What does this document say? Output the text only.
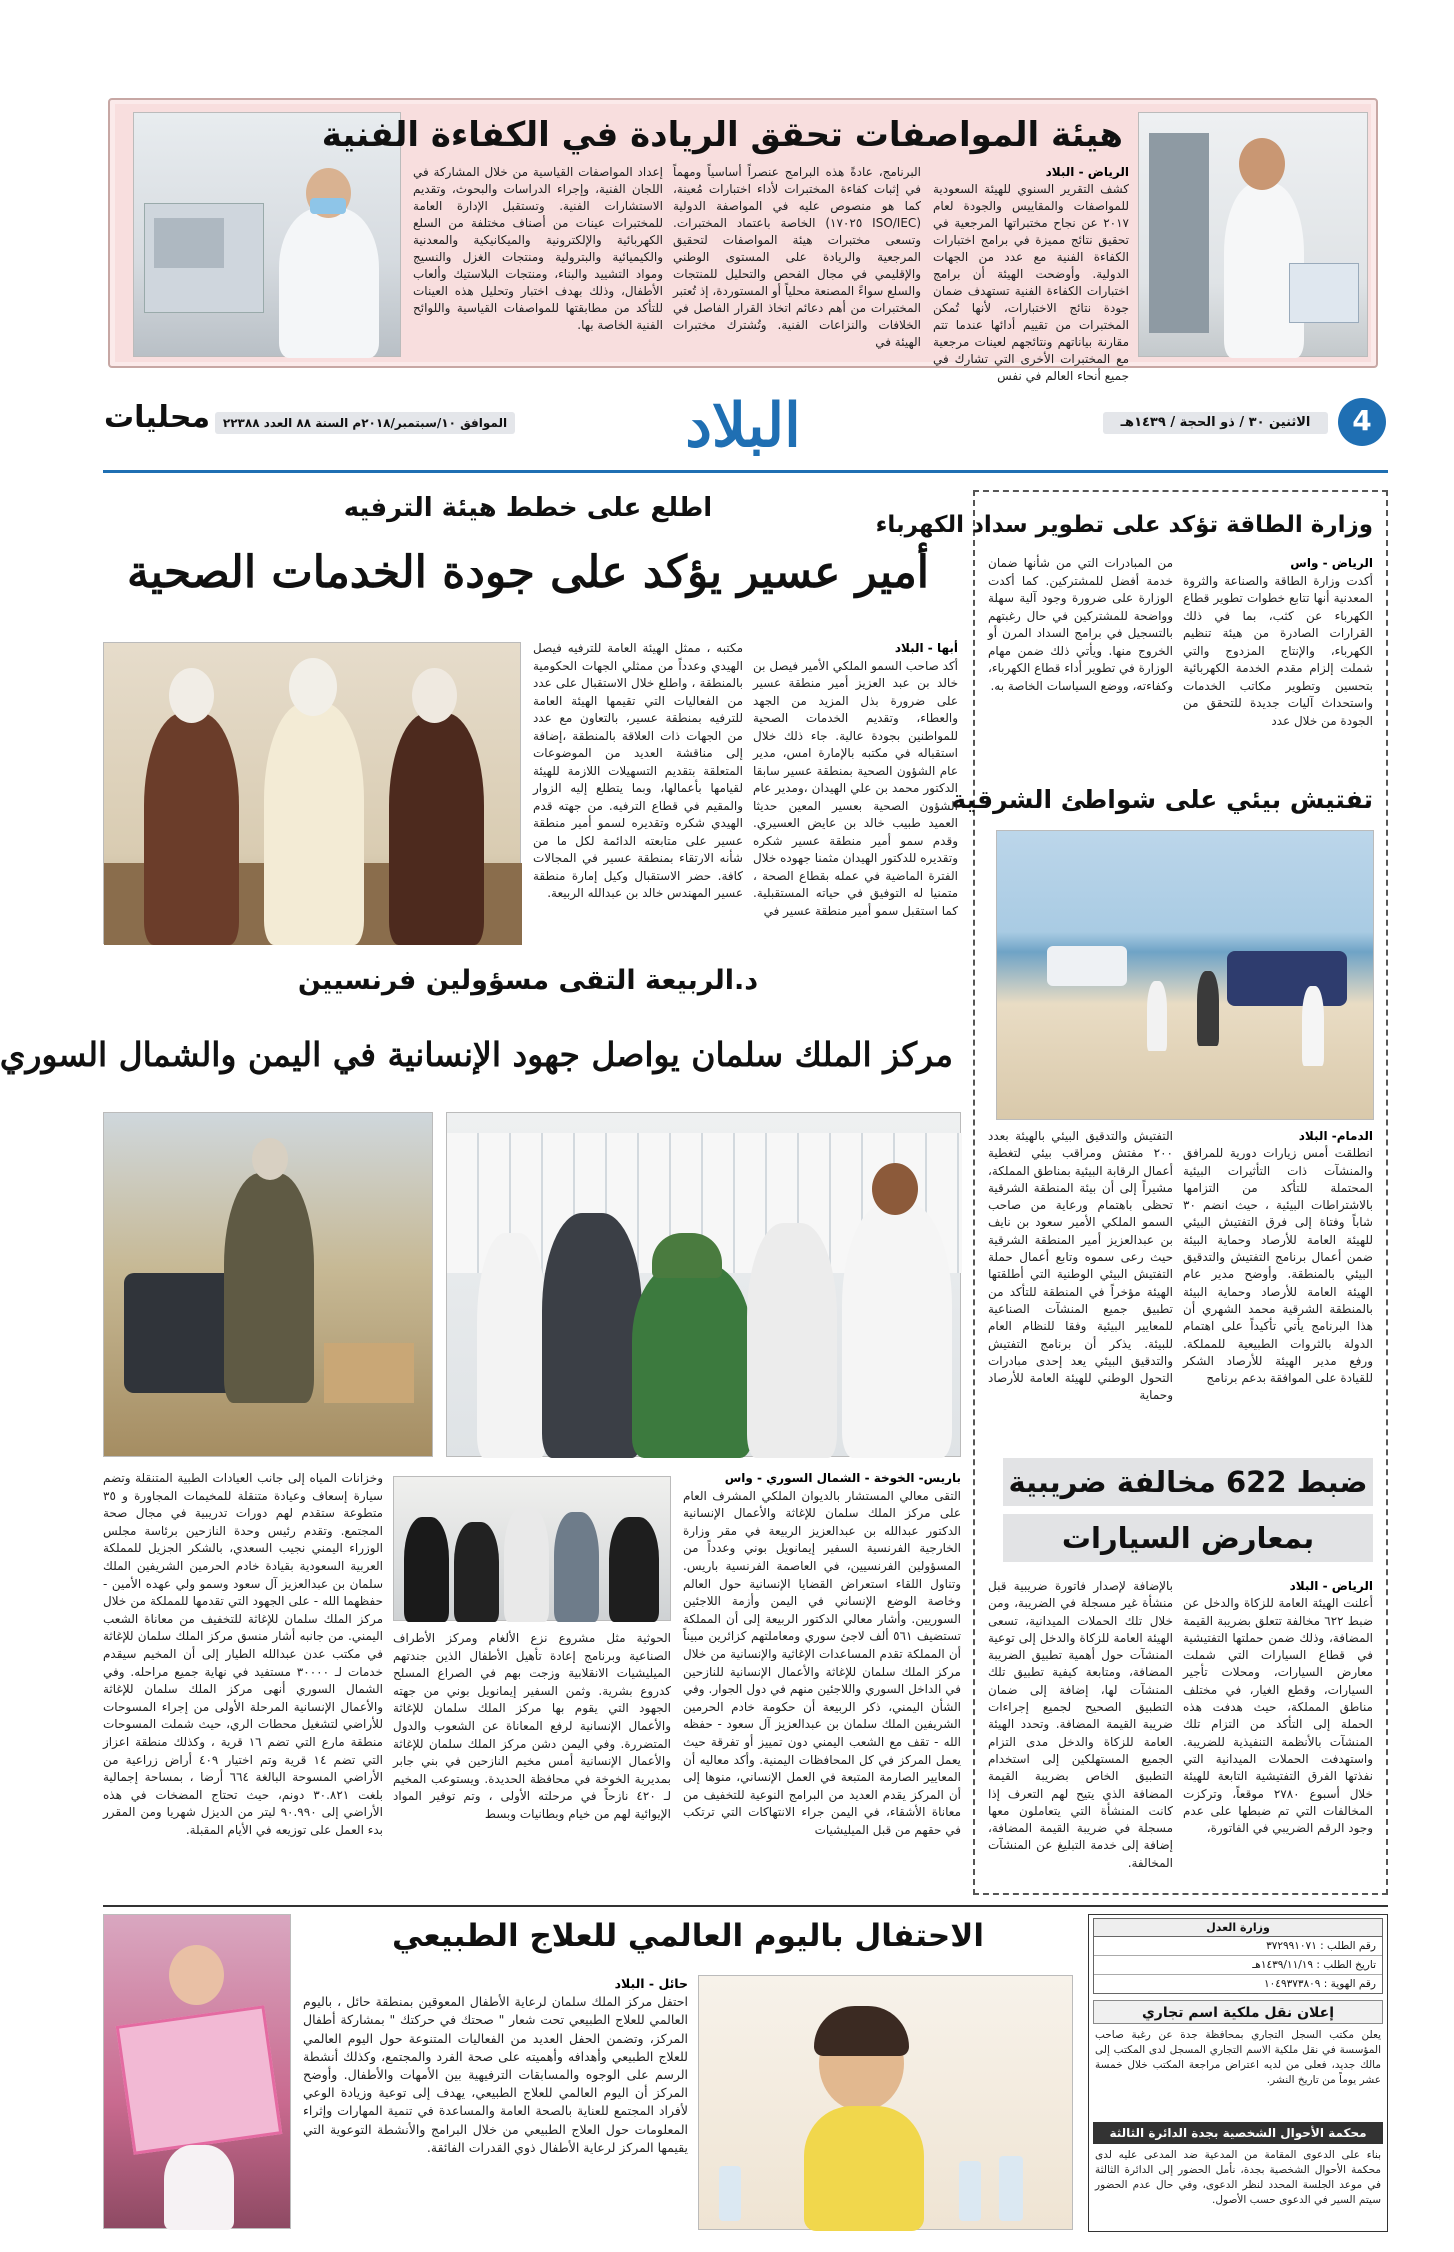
هيئة المواصفات تحقق الريادة في الكفاءة الفنية
الرياض - البلاد
كشف التقرير السنوي للهيئة السعودية للمواصفات والمقاييس والجودة لعام ٢٠١٧ عن نجاح مختبراتها المرجعية في تحقيق نتائج مميزة في برامج اختبارات الكفاءة الفنية مع عدد من الجهات الدولية. وأوضحت الهيئة أن برامج اختبارات الكفاءة الفنية تستهدف ضمان جودة نتائج الاختبارات، لأنها تُمكن المختبرات من تقييم أدائها عندما تتم مقارنة بياناتهم ونتائجهم لعينات مرجعية مع المختبرات الأخرى التي تشارك في جميع أنحاء العالم في نفس
البرنامج، عادةً هذه البرامج عنصراً أساسياً ومهماً في إثبات كفاءة المختبرات لأداء اختبارات مُعينة، كما هو منصوص عليه في المواصفة الدولية (ISO/IEC ١٧٠٢٥) الخاصة باعتماد المختبرات. وتسعى مختبرات هيئة المواصفات لتحقيق المرجعية والريادة على المستوى الوطني والإقليمي في مجال الفحص والتحليل للمنتجات والسلع سواءً المصنعة محلياً أو المستوردة، إذ تُعتبر المختبرات من أهم دعائم اتخاذ القرار الفاصل في الخلافات والنزاعات الفنية. وتُشترك مختبرات الهيئة في
إعداد المواصفات القياسية من خلال المشاركة في اللجان الفنية، وإجراء الدراسات والبحوث، وتقديم الاستشارات الفنية. وتستقبل الإدارة العامة للمختبرات عينات من أصناف مختلفة من السلع الكهربائية والإلكترونية والميكانيكية والمعدنية والكيميائية والبترولية ومنتجات الغزل والنسيج ومواد التشييد والبناء، ومنتجات البلاستيك وألعاب الأطفال، وذلك بهدف اختبار وتحليل هذه العينات للتأكد من مطابقتها للمواصفات القياسية واللوائح الفنية الخاصة بها.
4
الاثنين ٣٠ / ذو الحجة / ١٤٣٩هـ
البلاد
الموافق ١٠/سبتمبر/٢٠١٨م السنة ٨٨ العدد ٢٢٣٨٨
محليات
وزارة الطاقة تؤكد على تطوير سداد الكهرباء
الرياض - واس
أكدت وزارة الطاقة والصناعة والثروة المعدنية أنها تتابع خطوات تطوير قطاع الكهرباء عن كثب، بما في ذلك القرارات الصادرة من هيئة تنظيم الكهرباء، والإنتاج المزدوج والتي شملت إلزام مقدم الخدمة الكهربائية بتحسين وتطوير مكاتب الخدمات واستحداث آليات جديدة للتحقق من الجودة من خلال عدد
من المبادرات التي من شأنها ضمان خدمة أفضل للمشتركين. كما أكدت الوزارة على ضرورة وجود آلية سهلة وواضحة للمشتركين في حال رغبتهم بالتسجيل في برامج السداد المرن أو الخروج منها. ويأتي ذلك ضمن مهام الوزارة في تطوير أداء قطاع الكهرباء، وكفاءته، ووضع السياسات الخاصة به.
تفتيش بيئي على شواطئ الشرقية
الدمام- البلاد
انطلقت أمس زيارات دورية للمرافق والمنشآت ذات التأثيرات البيئية المحتملة للتأكد من التزامها بالاشتراطات البيئية ، حيث انضم ٣٠ شاباً وفتاة إلى فرق التفتيش البيئي للهيئة العامة للأرصاد وحماية البيئة ضمن أعمال برنامج التفتيش والتدقيق البيئي بالمنطقة. وأوضح مدير عام الهيئة العامة للأرصاد وحماية البيئة بالمنطقة الشرقية محمد الشهري أن هذا البرنامج يأتي تأكيداً على اهتمام الدولة بالثروات الطبيعية للمملكة. ورفع مدير الهيئة للأرصاد الشكر للقيادة على الموافقة بدعم برنامج
التفتيش والتدقيق البيئي بالهيئة بعدد ٢٠٠ مفتش ومراقب بيئي لتغطية أعمال الرقابة البيئية بمناطق المملكة، مشيراً إلى أن بيئة المنطقة الشرقية تحظى باهتمام ورعاية من صاحب السمو الملكي الأمير سعود بن نايف بن عبدالعزيز أمير المنطقة الشرقية حيث رعى سموه وتابع أعمال حملة التفتيش البيئي الوطنية التي أطلقتها الهيئة مؤخراً في المنطقة للتأكد من تطبيق جميع المنشآت الصناعية للمعايير البيئية وفقا للنظام العام للبيئة. يذكر أن برنامج التفتيش والتدقيق البيئي يعد إحدى مبادرات التحول الوطني للهيئة العامة للأرصاد وحماية
ضبط 622 مخالفة ضريبية
بمعارض السيارات
الرياض - البلاد
أعلنت الهيئة العامة للزكاة والدخل عن ضبط ٦٢٢ مخالفة تتعلق بضريبة القيمة المضافة، وذلك ضمن حملتها التفتيشية في قطاع السيارات التي شملت معارض السيارات، ومحلات تأجير السيارات، وقطع الغيار، في مختلف مناطق المملكة، حيث هدفت هذه الحملة إلى التأكد من التزام تلك المنشآت بالأنظمة التنفيذية للضريبة. واستهدفت الحملات الميدانية التي نفذتها الفرق التفتيشية التابعة للهيئة خلال أسبوع ٢٧٨٠ موقعاً، وتركزت المخالفات التي تم ضبطها على عدم وجود الرقم الضريبي في الفاتورة،
بالإضافة لإصدار فاتورة ضريبية قبل منشأة غير مسجلة في الضريبة، ومن خلال تلك الحملات الميدانية، تسعى الهيئة العامة للزكاة والدخل إلى توعية المنشآت حول أهمية تطبيق الضريبة المضافة، ومتابعة كيفية تطبيق تلك المنشآت لها، إضافة إلى ضمان التطبيق الصحيح لجميع إجراءات ضريبة القيمة المضافة. وتحدد الهيئة العامة للزكاة والدخل مدى التزام الجميع المستهلكين إلى استخدام التطبيق الخاص بضريبة القيمة المضافة الذي يتيح لهم التعرف إذا كانت المنشأة التي يتعاملون معها مسجلة في ضريبة القيمة المضافة، إضافة إلى خدمة التبليغ عن المنشآت المخالفة.
اطلع على خطط هيئة الترفيه
أمير عسير يؤكد على جودة الخدمات الصحية
أبها - البلاد
أكد صاحب السمو الملكي الأمير فيصل بن خالد بن عبد العزيز أمير منطقة عسير على ضرورة بذل المزيد من الجهد والعطاء، وتقديم الخدمات الصحية للمواطنين بجودة عالية. جاء ذلك خلال استقباله في مكتبه بالإمارة امس، مدير عام الشؤون الصحية بمنطقة عسير سابقا الدكتور محمد بن علي الهيدان ،ومدير عام الشؤون الصحية بعسير المعين حديثا العميد طبيب خالد بن عايض العسيري. وقدم سمو أمير منطقة عسير شكره وتقديره للدكتور الهيدان مثمنا جهوده خلال الفترة الماضية في عمله بقطاع الصحة ، متمنيا له التوفيق في حياته المستقبلية. كما استقبل سمو أمير منطقة عسير في
مكتبه ، ممثل الهيئة العامة للترفيه فيصل الهيدي وعدداً من ممثلي الجهات الحكومية بالمنطقة ، واطلع خلال الاستقبال على عدد من الفعاليات التي تقيمها الهيئة العامة للترفيه بمنطقة عسير، بالتعاون مع عدد من الجهات ذات العلاقة بالمنطقة ،إضافة إلى مناقشة العديد من الموضوعات المتعلقة بتقديم التسهيلات اللازمة للهيئة لقيامها بأعمالها، وبما يتطلع إليه الزوار والمقيم في قطاع الترفيه. من جهته قدم الهيدي شكره وتقديره لسمو أمير منطقة عسير على متابعته الدائمة لكل ما من شأنه الارتقاء بمنطقة عسير في المجالات كافة. حضر الاستقبال وكيل إمارة منطقة عسير المهندس خالد بن عبدالله الربيعة.
د.الربيعة التقى مسؤولين فرنسيين
مركز الملك سلمان يواصل جهود الإنسانية في اليمن والشمال السوري
باريس- الخوخة - الشمال السوري - واس
التقى معالي المستشار بالديوان الملكي المشرف العام على مركز الملك سلمان للإغاثة والأعمال الإنسانية الدكتور عبدالله بن عبدالعزيز الربيعة في مقر وزارة الخارجية الفرنسية السفير إيمانويل بوني وعدداً من المسؤولين الفرنسيين، في العاصمة الفرنسية باريس. وتناول اللقاء استعراض القضايا الإنسانية حول العالم وخاصة الوضع الإنساني في اليمن وأزمة اللاجئين السوريين. وأشار معالي الدكتور الربيعة إلى أن المملكة تستضيف ٥٦١ ألف لاجئ سوري ومعاملتهم كزائرين مبيناً أن المملكة تقدم المساعدات الإغاثية والإنسانية من خلال مركز الملك سلمان للإغاثة والأعمال الإنسانية للنازحين في الداخل السوري واللاجئين منهم في دول الجوار. وفي الشأن اليمني، ذكر الربيعة أن حكومة خادم الحرمين الشريفين الملك سلمان بن عبدالعزيز آل سعود - حفظه الله - تقف مع الشعب اليمني دون تمييز أو تفرقة حيث يعمل المركز في كل المحافظات اليمنية. وأكد معاليه أن المعايير الصارمة المتبعة في العمل الإنساني، منوها إلى أن المركز يقدم العديد من البرامج النوعية للتخفيف من معاناة الأشقاء، في اليمن جراء الانتهاكات التي ترتكب في حقهم من قبل الميليشيات
الحوثية مثل مشروع نزع الألغام ومركز الأطراف الصناعية وبرنامج إعادة تأهيل الأطفال الذين جندتهم الميليشيات الانقلابية وزجت بهم في الصراع المسلح كدروع بشرية. وثمن السفير إيمانويل بوني من جهته الجهود التي يقوم بها مركز الملك سلمان للإغاثة والأعمال الإنسانية لرفع المعاناة عن الشعوب والدول المتضررة. وفي اليمن دشن مركز الملك سلمان للإغاثة والأعمال الإنسانية أمس مخيم النازحين في بني جابر بمديرية الخوخة في محافظة الحديدة. ويستوعب المخيم لـ ٤٢٠ نازحاً في مرحلته الأولى ، وتم توفير المواد الإيوائية لهم من خيام وبطانيات وبسط
وخزانات المياه إلى جانب العيادات الطبية المتنقلة وتضم سيارة إسعاف وعيادة متنقلة للمخيمات المجاورة و ٣٥ متطوعة ستقدم لهم دورات تدريبية في مجال صحة المجتمع. وتقدم رئيس وحدة النازحين برئاسة مجلس الوزراء اليمني نجيب السعدي، بالشكر الجزيل للمملكة العربية السعودية بقيادة خادم الحرمين الشريفين الملك سلمان بن عبدالعزيز آل سعود وسمو ولي عهده الأمين - حفظهما الله - على الجهود التي تقدمها للمملكة من خلال مركز الملك سلمان للإغاثة للتخفيف من معاناة الشعب اليمني. من جانبه أشار منسق مركز الملك سلمان للإغاثة في مكتب عدن عبدالله الطيار إلى أن المخيم سيقدم خدمات لـ ٣٠٠٠٠ مستفيد في نهاية جميع مراحله. وفي الشمال السوري أنهى مركز الملك سلمان للإغاثة والأعمال الإنسانية المرحلة الأولى من إجراء المسوحات للأراضي لتشغيل محطات الري، حيث شملت المسوحات منطقة مارع التي تضم ١٦ قرية ، وكذلك منطقة اعزاز التي تضم ١٤ قرية وتم اختيار ٤٠٩ أراض زراعية من الأراضي المسوحة البالغة ٦٦٤ أرضا ، بمساحة إجمالية بلغت ٣٠.٨٢١ دونم، حيث تحتاج المضخات في هذه الأراضي إلى ٩٠.٩٩٠ ليتر من الديزل شهريا ومن المقرر بدء العمل على توزيعه في الأيام المقبلة.
الاحتفال باليوم العالمي للعلاج الطبيعي
حائل - البلاد
احتفل مركز الملك سلمان لرعاية الأطفال المعوقين بمنطقة حائل ، باليوم العالمي للعلاج الطبيعي تحت شعار " صحتك في حركتك " بمشاركة أطفال المركز، وتضمن الحفل العديد من الفعاليات المتنوعة حول اليوم العالمي للعلاج الطبيعي وأهدافه وأهميته على صحة الفرد والمجتمع، وكذلك أنشطة الرسم على الوجوه والمسابقات الترفيهية بين الأمهات والأطفال. وأوضح المركز أن اليوم العالمي للعلاج الطبيعي، يهدف إلى توعية وزيادة الوعي لأفراد المجتمع للعناية بالصحة العامة والمساعدة في تنمية المهارات وإثراء المعلومات حول العلاج الطبيعي من خلال البرامج والأنشطة التوعوية التي يقيمها المركز لرعاية الأطفال ذوي القدرات الفائقة.
وزارة العدل
رقم الطلب : ٣٧٢٩٩١٠٧١
تاريخ الطلب : ١٤٣٩/١١/١٩هـ
رقم الهوية : ١٠٤٩٣٧٣٨٠٩
إعلان نقل ملكية اسم تجاري
يعلن مكتب السجل التجاري بمحافظة جدة عن رغبة صاحب المؤسسة في نقل ملكية الاسم التجاري المسجل لدى المكتب إلى مالك جديد، فعلى من لديه اعتراض مراجعة المكتب خلال خمسة عشر يوماً من تاريخ النشر.
محكمة الأحوال الشخصية بجدة الدائرة الثالثة
بناء على الدعوى المقامة من المدعية ضد المدعى عليه لدى محكمة الأحوال الشخصية بجدة، نأمل الحضور إلى الدائرة الثالثة في موعد الجلسة المحدد لنظر الدعوى، وفي حال عدم الحضور سيتم السير في الدعوى حسب الأصول.
